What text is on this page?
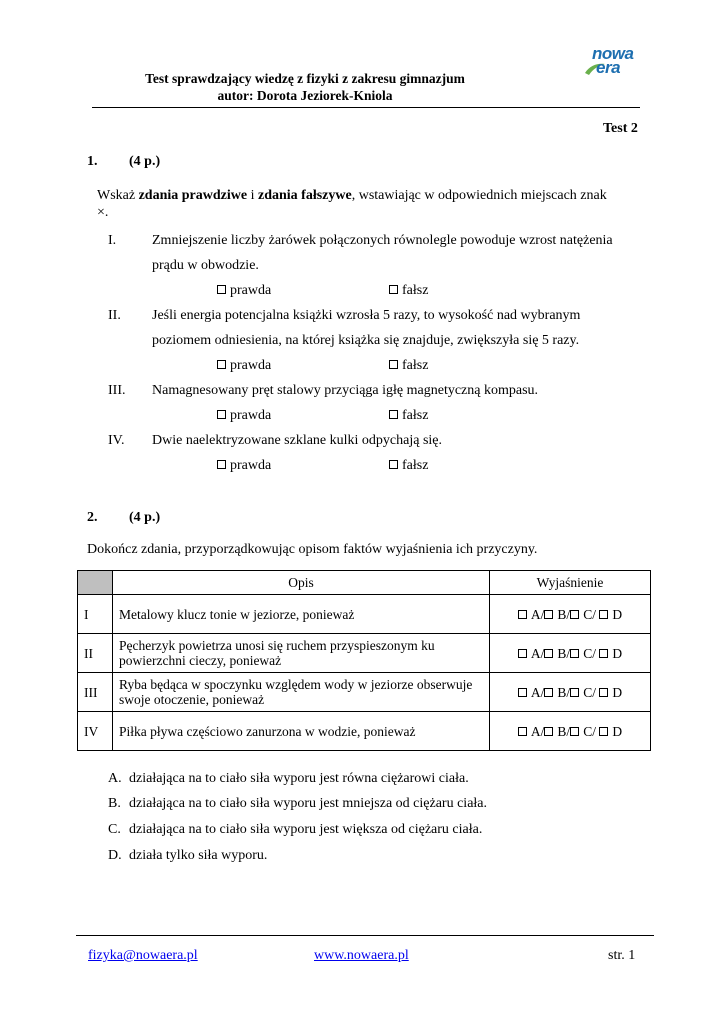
Test sprawdzający wiedzę z fizyki z zakresu gimnazjum
autor: Dorota Jeziorek-Kniola
nowa
era
Test 2
1. (4 p.)
Wskaż zdania prawdziwe i zdania fałszywe, wstawiając w odpowiednich miejscach znak
×.
I.	Zmniejszenie liczby żarówek połączonych równolegle powoduje wzrost natężenia
prądu w obwodzie.
prawda	fałsz
II. Jeśli energia potencjalna książki wzrosła 5 razy, to wysokość nad wybranym
poziomem odniesienia, na której książka się znajduje, zwiększyła się 5 razy.
prawda	fałsz
III. Namagnesowany pręt stalowy przyciąga igłę magnetyczną kompasu.
prawda	fałsz
IV. Dwie naelektryzowane szklane kulki odpychają się.
prawda	fałsz
2. (4 p.)
Dokończ zdania, przyporządkowując opisom faktów wyjaśnienia ich przyczyny.
	Opis	Wyjaśnienie
I	Metalowy klucz tonie w jeziorze, ponieważ	A/ B/ C/ D
II	Pęcherzyk powietrza unosi się ruchem przyspieszonym ku powierzchni cieczy, ponieważ	A/ B/ C/ D
III	Ryba będąca w spoczynku względem wody w jeziorze obserwuje swoje otoczenie, ponieważ	A/ B/ C/ D
IV	Piłka pływa częściowo zanurzona w wodzie, ponieważ	A/ B/ C/ D
A. działająca na to ciało siła wyporu jest równa ciężarowi ciała.
B. działająca na to ciało siła wyporu jest mniejsza od ciężaru ciała.
C. działająca na to ciało siła wyporu jest większa od ciężaru ciała.
D. działa tylko siła wyporu.
fizyka@nowaera.pl	www.nowaera.pl	str. 1
